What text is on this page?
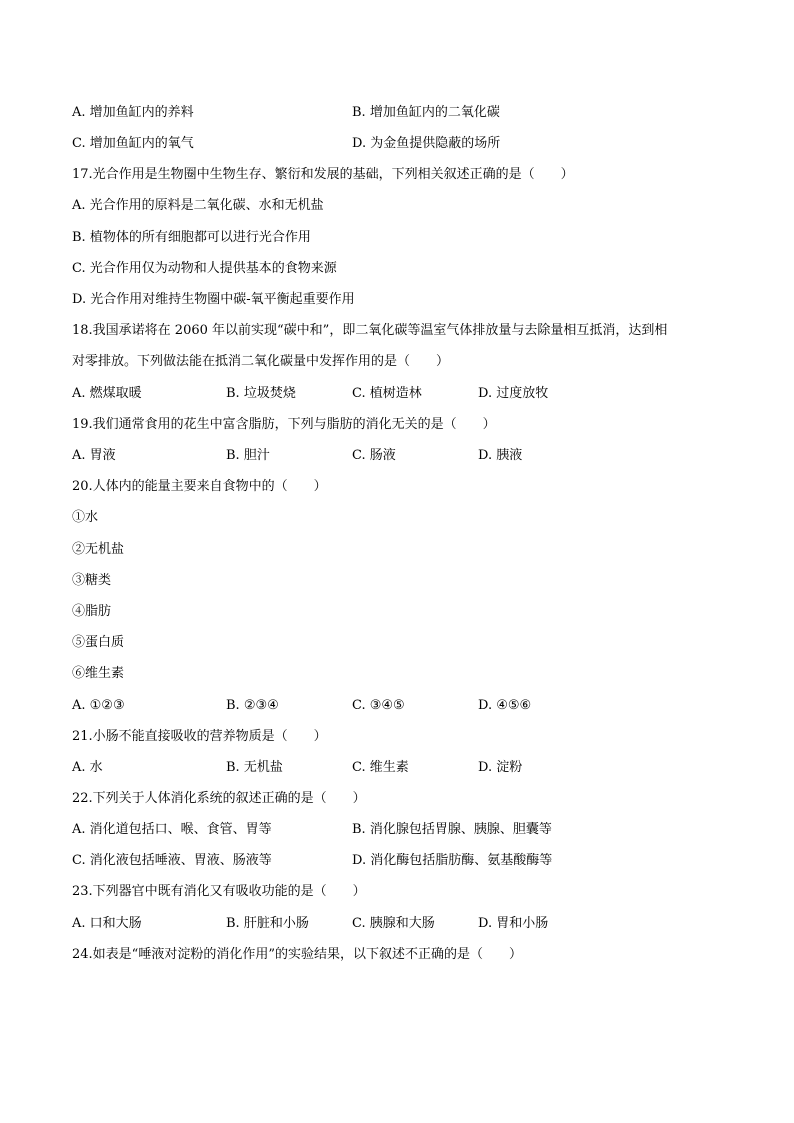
A. 增加鱼缸内的养料	B. 增加鱼缸内的二氧化碳
C. 增加鱼缸内的氧气	D. 为金鱼提供隐蔽的场所
17.光合作用是生物圈中生物生存、繁衍和发展的基础，下列相关叙述正确的是（　　）
A. 光合作用的原料是二氧化碳、水和无机盐
B. 植物体的所有细胞都可以进行光合作用
C. 光合作用仅为动物和人提供基本的食物来源
D. 光合作用对维持生物圈中碳-氧平衡起重要作用
18.我国承诺将在 2060 年以前实现“碳中和”，即二氧化碳等温室气体排放量与去除量相互抵消，达到相
对零排放。下列做法能在抵消二氧化碳量中发挥作用的是（　　）
A. 燃煤取暖	B. 垃圾焚烧	C. 植树造林	D. 过度放牧
19.我们通常食用的花生中富含脂肪，下列与脂肪的消化无关的是（　　）
A. 胃液	B. 胆汁	C. 肠液	D. 胰液
20.人体内的能量主要来自食物中的（　　）
①水
②无机盐
③糖类
④脂肪
⑤蛋白质
⑥维生素
A. ①②③	B. ②③④	C. ③④⑤	D. ④⑤⑥
21.小肠不能直接吸收的营养物质是（　　）
A. 水	B. 无机盐	C. 维生素	D. 淀粉
22.下列关于人体消化系统的叙述正确的是（　　）
A. 消化道包括口、喉、食管、胃等	B. 消化腺包括胃腺、胰腺、胆囊等
C. 消化液包括唾液、胃液、肠液等	D. 消化酶包括脂肪酶、氨基酸酶等
23.下列器官中既有消化又有吸收功能的是（　　）
A. 口和大肠	B. 肝脏和小肠	C. 胰腺和大肠	D. 胃和小肠
24.如表是“唾液对淀粉的消化作用”的实验结果，以下叙述不正确的是（　　）
